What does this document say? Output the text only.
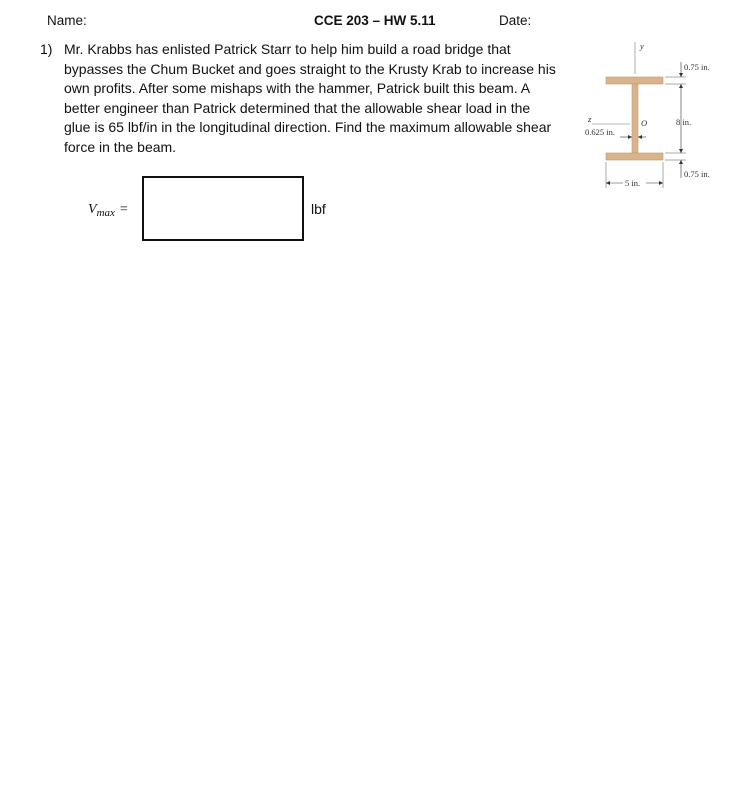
Name:	CCE 203 – HW 5.11	Date:
1) Mr. Krabbs has enlisted Patrick Starr to help him build a road bridge that bypasses the Chum Bucket and goes straight to the Krusty Krab to increase his own profits. After some mishaps with the hammer, Patrick built this beam. A better engineer than Patrick determined that the allowable shear load in the glue is 65 lbf/in in the longitudinal direction. Find the maximum allowable shear force in the beam.

$V_{max}$ =	lbf
y
z	O
0.75 in.
8 in.
0.75 in.
0.625 in.
5 in.
